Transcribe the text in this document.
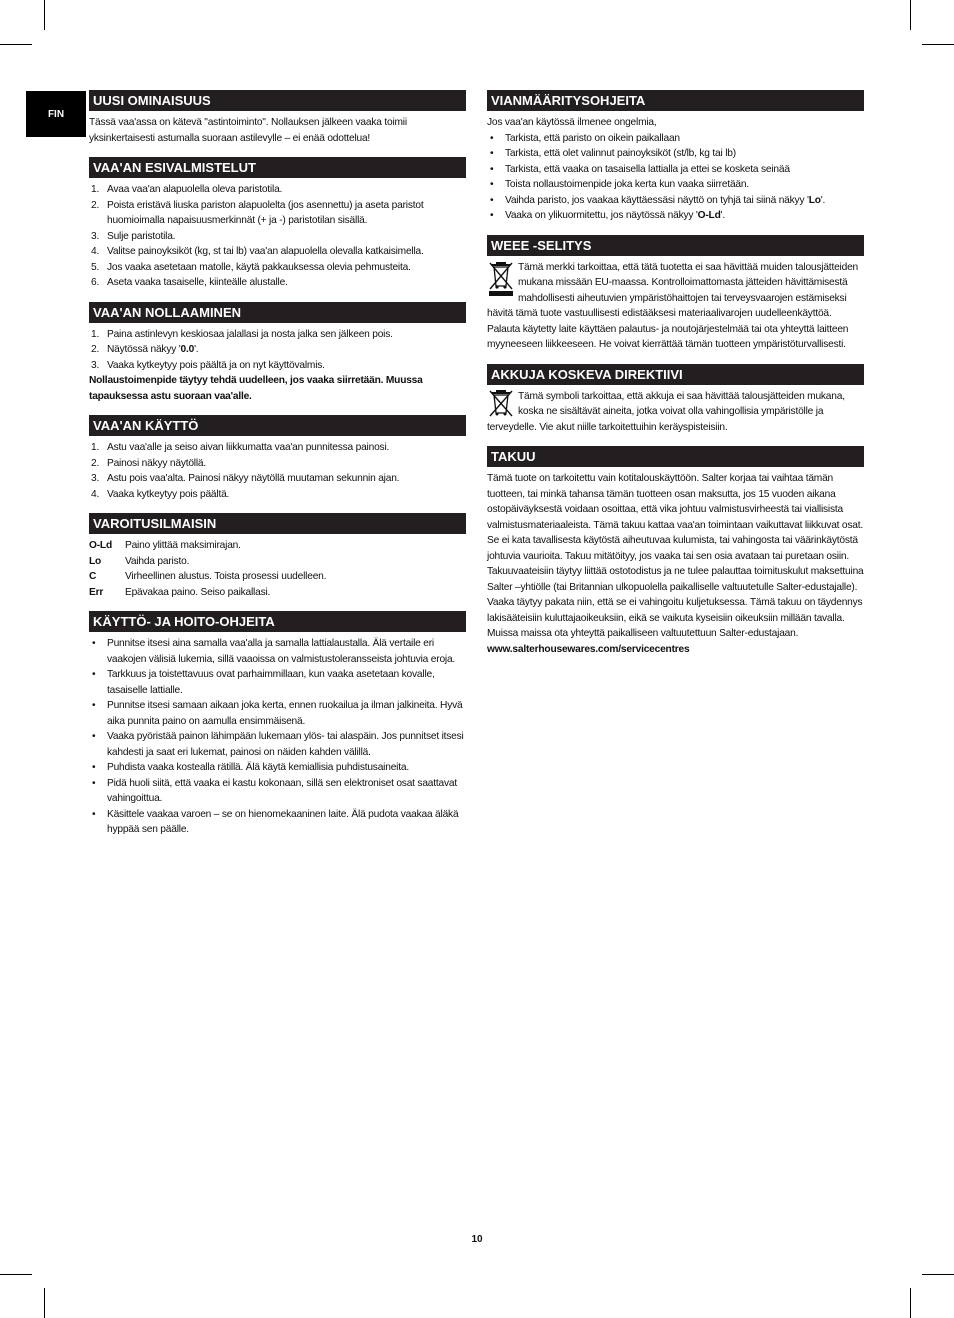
FIN
UUSI OMINAISUUS

Tässä vaa'assa on kätevä "astintoiminto". Nollauksen jälkeen vaaka toimii yksinkertaisesti astumalla suoraan astilevylle – ei enää odottelua!

VAA'AN ESIVALMISTELUT
1. Avaa vaa'an alapuolella oleva paristotila.
2. Poista eristävä liuska pariston alapuolelta (jos asennettu) ja aseta paristot huomioimalla napaisuusmerkinnät (+ ja -) paristotilan sisällä.
3. Sulje paristotila.
4. Valitse painoyksiköt (kg, st tai lb) vaa'an alapuolella olevalla katkaisimella.
5. Jos vaaka asetetaan matolle, käytä pakkauksessa olevia pehmusteita.
6. Aseta vaaka tasaiselle, kiinteälle alustalle.
VAA'AN NOLLAAMINEN
1. Paina astinlevyn keskiosaa jalallasi ja nosta jalka sen jälkeen pois.
2. Näytössä näkyy '0.0'.
3. Vaaka kytkeytyy pois päältä ja on nyt käyttövalmis.

Nollaustoimenpide täytyy tehdä uudelleen, jos vaaka siirretään. Muussa tapauksessa astu suoraan vaa'alle.

VAA'AN KÄYTTÖ
1. Astu vaa'alle ja seiso aivan liikkumatta vaa'an punnitessa painosi.
2. Painosi näkyy näytöllä.
3. Astu pois vaa'alta. Painosi näkyy näytöllä muutaman sekunnin ajan.
4. Vaaka kytkeytyy pois päältä.
VAROITUSILMAISIN
O-Ld	Paino ylittää maksimirajan.
Lo	Vaihda paristo.
C	Virheellinen alustus. Toista prosessi uudelleen.
Err	Epävakaa paino. Seiso paikallasi.
KÄYTTÖ- JA HOITO-OHJEITA
• Punnitse itsesi aina samalla vaa'alla ja samalla lattialaustalla. Älä vertaile eri vaakojen välisiä lukemia, sillä vaaoissa on valmistustoleransseista johtuvia eroja.
• Tarkkuus ja toistettavuus ovat parhaimmillaan, kun vaaka asetetaan kovalle, tasaiselle lattialle.
• Punnitse itsesi samaan aikaan joka kerta, ennen ruokailua ja ilman jalkineita. Hyvä aika punnita paino on aamulla ensimmäisenä.
• Vaaka pyöristää painon lähimpään lukemaan ylös- tai alaspäin. Jos punnitset itsesi kahdesti ja saat eri lukemat, painosi on näiden kahden välillä.
• Puhdista vaaka kostealla rätillä. Älä käytä kemiallisia puhdistusaineita.
• Pidä huoli siitä, että vaaka ei kastu kokonaan, sillä sen elektroniset osat saattavat vahingoittua.
• Käsittele vaakaa varoen – se on hienomekaaninen laite. Älä pudota vaakaa äläkä hyppää sen päälle.
VIANMÄÄRITYSOHJEITA

Jos vaa'an käytössä ilmenee ongelmia,

• Tarkista, että paristo on oikein paikallaan
• Tarkista, että olet valinnut painoyksiköt (st/lb, kg tai lb)
• Tarkista, että vaaka on tasaisella lattialla ja ettei se kosketa seinää
• Toista nollaustoimenpide joka kerta kun vaaka siirretään.
• Vaihda paristo, jos vaakaa käyttäessäsi näyttö on tyhjä tai siinä näkyy 'Lo'.
• Vaaka on ylikuormitettu, jos näytössä näkyy 'O-Ld'.
WEEE -SELITYS

Tämä merkki tarkoittaa, että tätä tuotetta ei saa hävittää muiden talousjätteiden mukana missään EU-maassa. Kontrolloimattomasta jätteiden hävittämisestä mahdollisesti aiheutuvien ympäristöhaittojen tai terveysvaarojen estämiseksi hävitä tämä tuote vastuullisesti edistääksesi materiaalivarojen uudelleenkäyttöä. Palauta käytetty laite käyttäen palautus- ja noutojärjestelmää tai ota yhteyttä laitteen myyneeseen liikkeeseen. He voivat kierrättää tämän tuotteen ympäristöturvallisesti.

AKKUJA KOSKEVA DIREKTIIVI

Tämä symboli tarkoittaa, että akkuja ei saa hävittää talousjätteiden mukana, koska ne sisältävät aineita, jotka voivat olla vahingollisia ympäristölle ja terveydelle. Vie akut niille tarkoitettuihin keräyspisteisiin.

TAKUU

Tämä tuote on tarkoitettu vain kotitalouskäyttöön. Salter korjaa tai vaihtaa tämän tuotteen, tai minkä tahansa tämän tuotteen osan maksutta, jos 15 vuoden aikana ostopäiväyksestä voidaan osoittaa, että vika johtuu valmistusvirheestä tai viallisista valmistusmateriaaleista. Tämä takuu kattaa vaa'an toimintaan vaikuttavat liikkuvat osat. Se ei kata tavallisesta käytöstä aiheutuvaa kulumista, tai vahingosta tai väärinkäytöstä johtuvia vaurioita. Takuu mitätöityy, jos vaaka tai sen osia avataan tai puretaan osiin. Takuuvaateisiin täytyy liittää ostotodistus ja ne tulee palauttaa toimituskulut maksettuina Salter –yhtiölle (tai Britannian ulkopuolella paikalliselle valtuutetulle Salter-edustajalle). Vaaka täytyy pakata niin, että se ei vahingoitu kuljetuksessa. Tämä takuu on täydennys lakisääteisiin kuluttajaoikeuksiin, eikä se vaikuta kyseisiin oikeuksiin millään tavalla. Muissa maissa ota yhteyttä paikalliseen valtuutettuun Salter-edustajaan.

www.salterhousewares.com/servicecentres

10
